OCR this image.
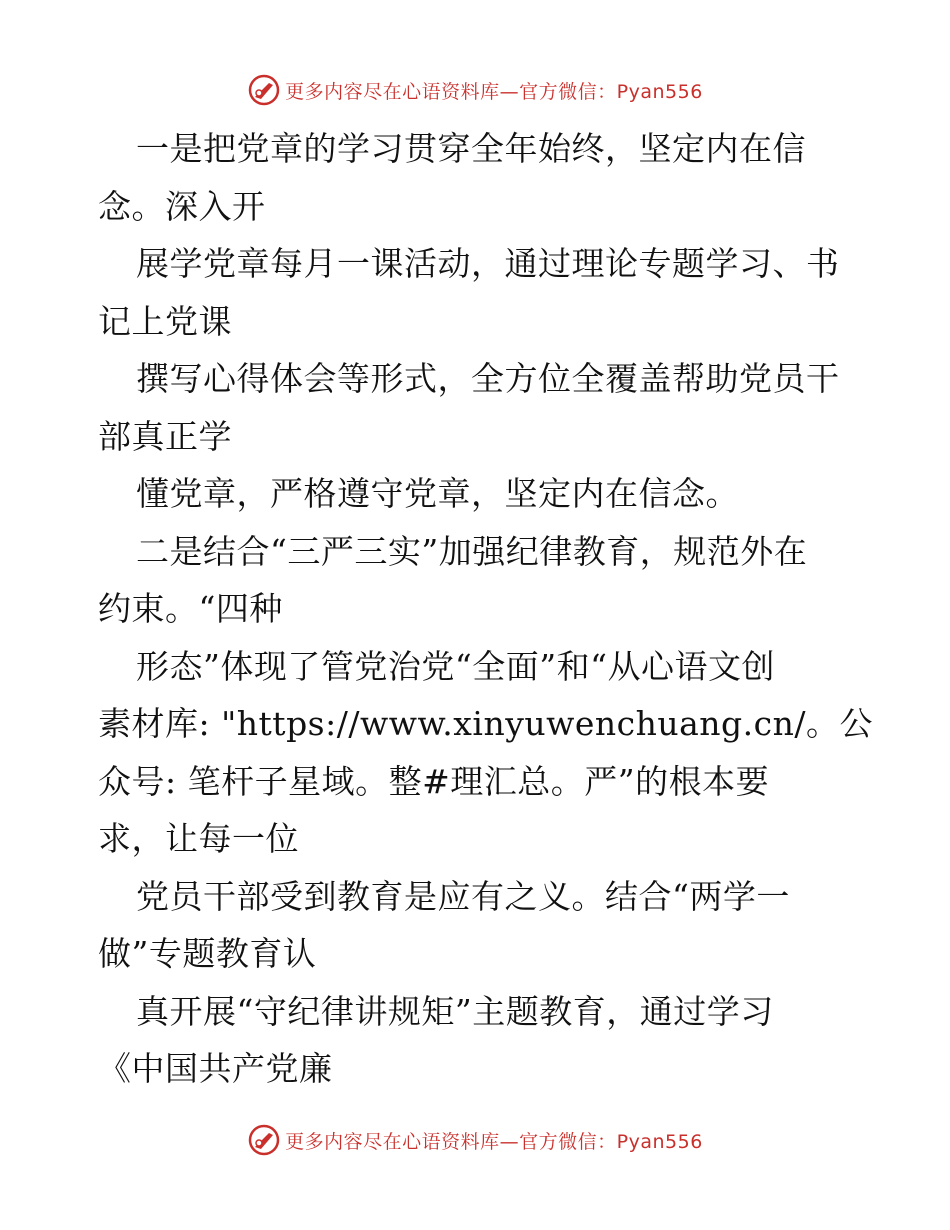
更多内容尽在心语资料库—官方微信：Pyan556
一是把党章的学习贯穿全年始终，坚定内在信
念。深入开
展学党章每月一课活动，通过理论专题学习、书
记上党课
撰写心得体会等形式，全方位全覆盖帮助党员干
部真正学
懂党章，严格遵守党章，坚定内在信念。
二是结合“三严三实”加强纪律教育，规范外在
约束。“四种
形态”体现了管党治党“全面”和“从心语文创
素材库: "https://www.xinyuwenchuang.cn/。公
众号: 笔杆子星域。整#理汇总。严”的根本要
求，让每一位
党员干部受到教育是应有之义。结合“两学一
做”专题教育认
真开展“守纪律讲规矩”主题教育，通过学习
《中国共产党廉
更多内容尽在心语资料库—官方微信：Pyan556
